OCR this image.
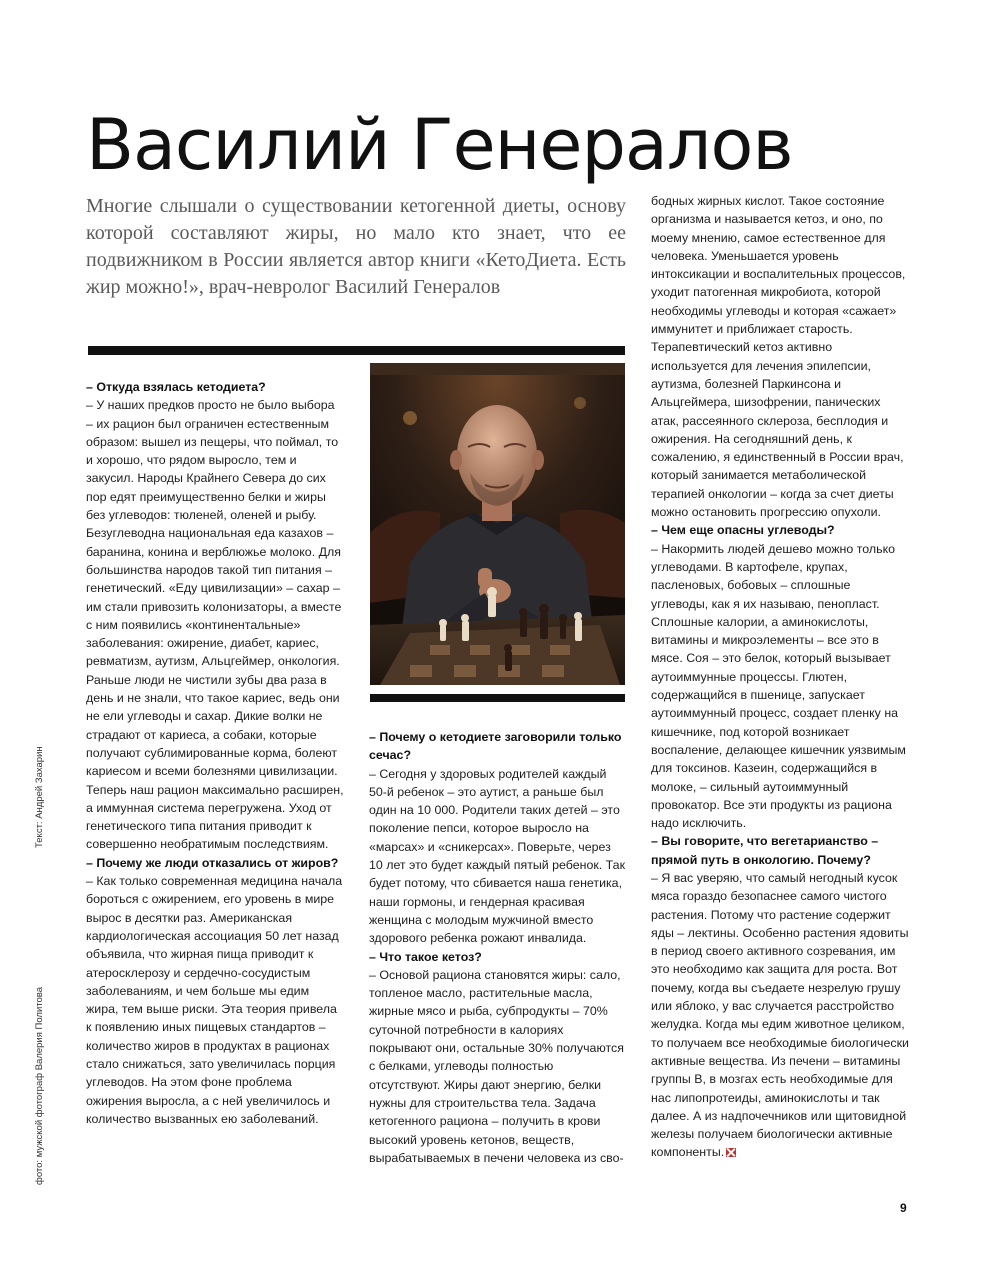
Василий Генералов
Многие слышали о существовании кетогенной диеты, основу которой составляют жиры, но мало кто знает, что ее подвижником в России является автор книги «КетоДиета. Есть жир можно!», врач-невролог Василий Генералов

– Откуда взялась кетодиета?

– У наших предков просто не было выбора – их рацион был ограничен естественным образом: вышел из пещеры, что поймал, то и хорошо, что рядом выросло, тем и закусил. Народы Крайнего Севера до сих пор едят преимущественно белки и жиры без углеводов: тюленей, оленей и рыбу. Безуглеводна национальная еда казахов – баранина, конина и верблюжье молоко. Для большинства народов такой тип питания – генетический. «Еду цивилизации» – сахар – им стали привозить колонизаторы, а вместе с ним появились «континентальные» заболевания: ожирение, диабет, кариес, ревматизм, аутизм, Альцгеймер, онкология. Раньше люди не чистили зубы два раза в день и не знали, что такое кариес, ведь они не ели углеводы и сахар. Дикие волки не страдают от кариеса, а собаки, которые получают сублимированные корма, болеют кариесом и всеми болезнями цивилизации. Теперь наш рацион максимально расширен, а иммунная система перегружена. Уход от генетического типа питания приводит к совершенно необратимым последствиям.

– Почему же люди отказались от жиров?

– Как только современная медицина начала бороться с ожирением, его уровень в мире вырос в десятки раз. Американская кардиологическая ассоциация 50 лет назад объявила, что жирная пища приводит к атеросклерозу и сердечно-сосудистым заболеваниям, и чем больше мы едим жира, тем выше риски. Эта теория привела к появлению иных пищевых стандартов – количество жиров в продуктах в рационах стало снижаться, зато увеличилась порция углеводов. На этом фоне проблема ожирения выросла, а с ней увеличилось и количество вызванных ею заболеваний.

– Почему о кетодиете заговорили только сечас?

– Сегодня у здоровых родителей каждый 50-й ребенок – это аутист, а раньше был один на 10 000. Родители таких детей – это поколение пепси, которое выросло на «марсах» и «сникерсах». Поверьте, через 10 лет это будет каждый пятый ребенок. Так будет потому, что сбивается наша генетика, наши гормоны, и гендерная красивая женщина с молодым мужчиной вместо здорового ребенка рожают инвалида.

– Что такое кетоз?

– Основой рациона становятся жиры: сало, топленое масло, растительные масла, жирные мясо и рыба, субпродукты – 70% суточной потребности в калориях покрывают они, остальные 30% получаются с белками, углеводы полностью отсутствуют. Жиры дают энергию, белки нужны для строительства тела. Задача кетогенного рациона – получить в крови высокий уровень кетонов, веществ, вырабатываемых в печени человека из сво-

бодных жирных кислот. Такое состояние организма и называется кетоз, и оно, по моему мнению, самое естественное для человека. Уменьшается уровень интоксикации и воспалительных процессов, уходит патогенная микробиота, которой необходимы углеводы и которая «сажает» иммунитет и приближает старость. Терапевтический кетоз активно используется для лечения эпилепсии, аутизма, болезней Паркинсона и Альцгеймера, шизофрении, панических атак, рассеянного склероза, бесплодия и ожирения. На сегодняшний день, к сожалению, я единственный в России врач, который занимается метаболической терапией онкологии – когда за счет диеты можно остановить прогрессию опухоли.

– Чем еще опасны углеводы?

– Накормить людей дешево можно только углеводами. В картофеле, крупах, пасленовых, бобовых – сплошные углеводы, как я их называю, пенопласт. Сплошные калории, а аминокислоты, витамины и микроэлементы – все это в мясе. Соя – это белок, который вызывает аутоиммунные процессы. Глютен, содержащийся в пшенице, запускает аутоиммунный процесс, создает пленку на кишечнике, под которой возникает воспаление, делающее кишечник уязвимым для токсинов. Казеин, содержащийся в молоке, – сильный аутоиммунный провокатор. Все эти продукты из рациона надо исключить.

– Вы говорите, что вегетарианство – прямой путь в онкологию. Почему?

– Я вас уверяю, что самый негодный кусок мяса гораздо безопаснее самого чистого растения. Потому что растение содержит яды – лектины. Особенно растения ядовиты в период своего активного созревания, им это необходимо как защита для роста. Вот почему, когда вы съедаете незрелую грушу или яблоко, у вас случается расстройство желудка. Когда мы едим животное целиком, то получаем все необходимые биологически активные вещества. Из печени – витамины группы B, в мозгах есть необходимые для нас липопротеиды, аминокислоты и так далее. А из надпочечников или щитовидной железы получаем биологически активные компоненты.

Текст: Андрей Захарин
фото: мужской фотограф Валерия Политова
9
